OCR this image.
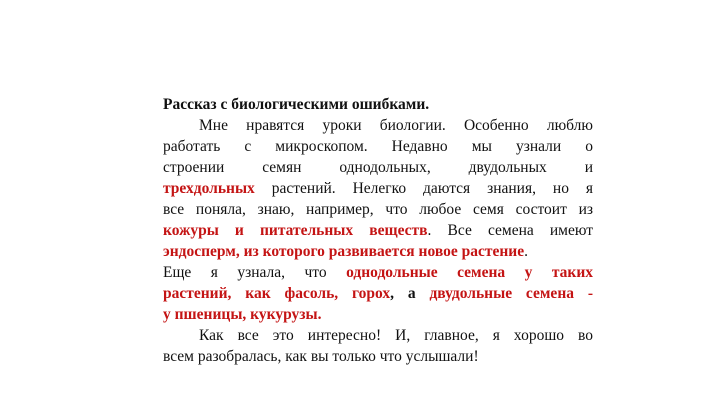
Рассказ с биологическими ошибками.

Мне нравятся уроки биологии. Особенно люблю
работать с микроскопом. Недавно мы узнали о
строении семян однодольных, двудольных и
трехдольных растений. Нелегко даются знания, но я
все поняла, знаю, например, что любое семя состоит из
кожуры и питательных веществ. Все семена имеют
эндосперм, из которого развивается новое растение.
Еще я узнала, что однодольные семена у таких
растений, как фасоль, горох, а двудольные семена -
у пшеницы, кукурузы.
Как все это интересно! И, главное, я хорошо во
всем разобралась, как вы только что услышали!
